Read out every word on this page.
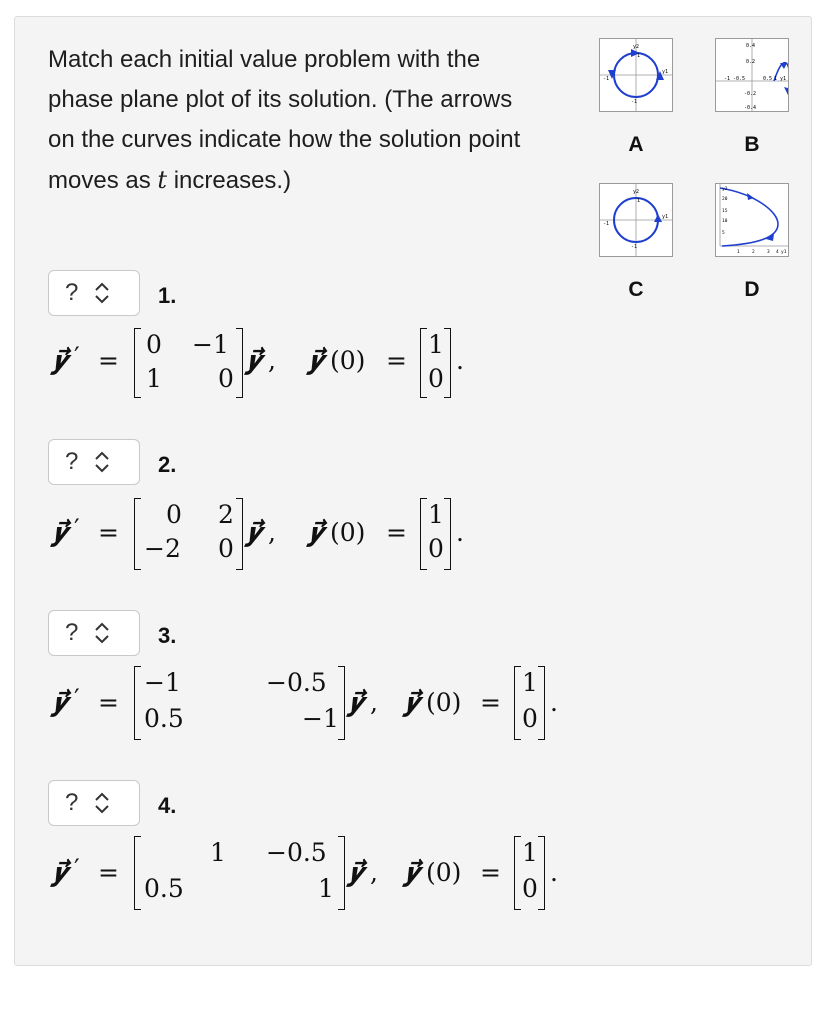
Match each initial value problem with the phase plane plot of its solution. (The arrows on the curves indicate how the solution point moves as t increases.)
y2
1
y1
-1
-1
0.4
0.2
-1 -0.5	0.5 1 y1
-0.2
-0.4
y2
1
y1
-1
-1
y2
20
15
10
5
1	2	3 4 y1
A	B
C	D
?	1.
𝒚⃗ ′ =
0 −1
1 0
𝒚⃗ , 𝒚⃗ (0) =
1
0
.
?	2.
𝒚⃗ ′ =
0 2
−2 0
𝒚⃗ , 𝒚⃗ (0) =
1
0
.
?	3.
𝒚⃗ ′ =
−1	−0.5
0.5	−1
𝒚⃗ , 𝒚⃗ (0) =
1
0
.
?	4.
𝒚⃗ ′ =
1 −0.5
0.5	1
𝒚⃗ , 𝒚⃗ (0) =
1
0
.
